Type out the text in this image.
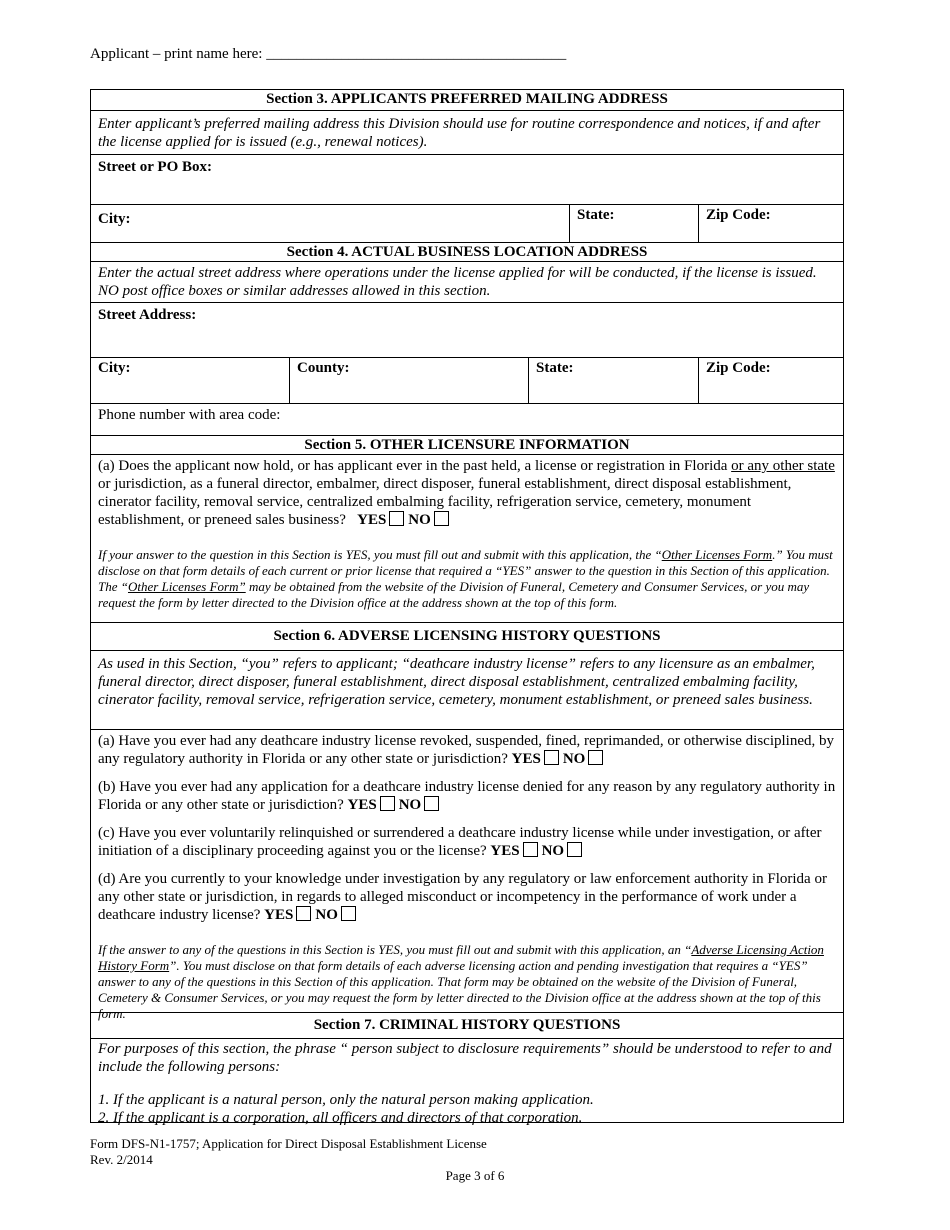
Applicant – print name here: ________________________________________
Section 3. APPLICANTS PREFERRED MAILING ADDRESS
Enter applicant’s preferred mailing address this Division should use for routine correspondence and notices, if and after the license applied for is issued (e.g., renewal notices).
Street or PO Box:
City:	State:	Zip Code:
Section 4. ACTUAL BUSINESS LOCATION ADDRESS
Enter the actual street address where operations under the license applied for will be conducted, if the license is issued. NO post office boxes or similar addresses allowed in this section.
Street Address:
City:	County:	State:	Zip Code:
Phone number with area code:
Section 5. OTHER LICENSURE INFORMATION
(a) Does the applicant now hold, or has applicant ever in the past held, a license or registration in Florida or any other state or jurisdiction, as a funeral director, embalmer, direct disposer, funeral establishment, direct disposal establishment, cinerator facility, removal service, centralized embalming facility, refrigeration service, cemetery, monument establishment, or preneed sales business? YES NO
If your answer to the question in this Section is YES, you must fill out and submit with this application, the “Other Licenses Form.” You must disclose on that form details of each current or prior license that required a “YES” answer to the question in this Section of this application. The “Other Licenses Form” may be obtained from the website of the Division of Funeral, Cemetery and Consumer Services, or you may request the form by letter directed to the Division office at the address shown at the top of this form.
Section 6. ADVERSE LICENSING HISTORY QUESTIONS
As used in this Section, “you” refers to applicant; “deathcare industry license” refers to any licensure as an embalmer, funeral director, direct disposer, funeral establishment, direct disposal establishment, centralized embalming facility, cinerator facility, removal service, refrigeration service, cemetery, monument establishment, or preneed sales business.
(a) Have you ever had any deathcare industry license revoked, suspended, fined, reprimanded, or otherwise disciplined, by any regulatory authority in Florida or any other state or jurisdiction? YES NO
(b) Have you ever had any application for a deathcare industry license denied for any reason by any regulatory authority in Florida or any other state or jurisdiction? YES NO
(c) Have you ever voluntarily relinquished or surrendered a deathcare industry license while under investigation, or after initiation of a disciplinary proceeding against you or the license? YES NO
(d) Are you currently to your knowledge under investigation by any regulatory or law enforcement authority in Florida or any other state or jurisdiction, in regards to alleged misconduct or incompetency in the performance of work under a deathcare industry license? YES NO
If the answer to any of the questions in this Section is YES, you must fill out and submit with this application, an “Adverse Licensing Action History Form”. You must disclose on that form details of each adverse licensing action and pending investigation that requires a “YES” answer to any of the questions in this Section of this application. That form may be obtained on the website of the Division of Funeral, Cemetery & Consumer Services, or you may request the form by letter directed to the Division office at the address shown at the top of this form.
Section 7. CRIMINAL HISTORY QUESTIONS
For purposes of this section, the phrase “ person subject to disclosure requirements” should be understood to refer to and include the following persons:
1. If the applicant is a natural person, only the natural person making application.
2. If the applicant is a corporation, all officers and directors of that corporation.
Form DFS-N1-1757; Application for Direct Disposal Establishment License
Rev. 2/2014
Page 3 of 6
